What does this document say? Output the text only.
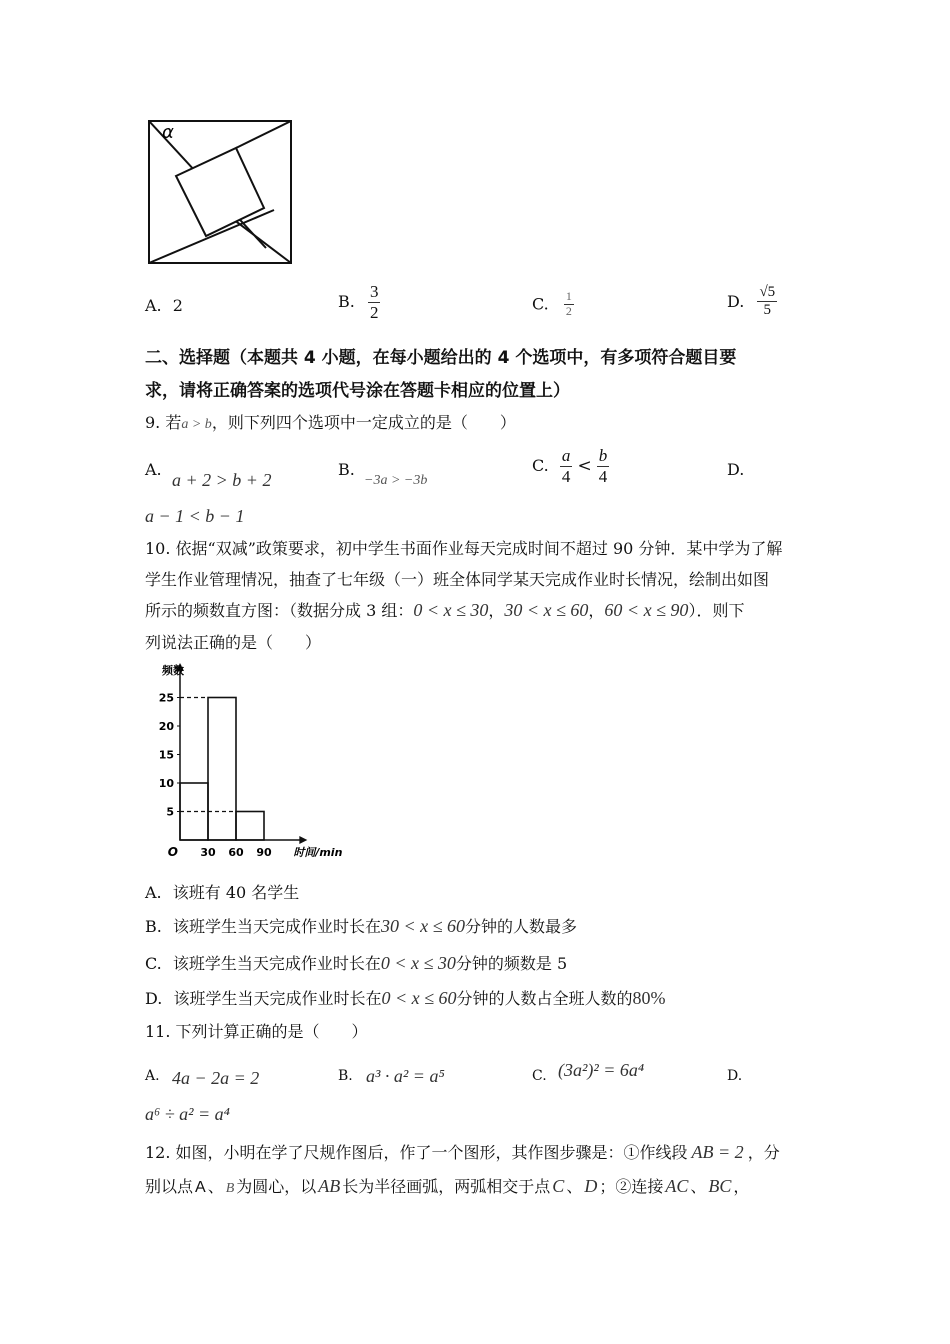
α
A. 2	B. $\frac{3}{2}$	C. $\frac{1}{2}$	D. $\frac{√5}{5}$
二、选择题（本题共 4 小题，在每小题给出的 4 个选项中，有多项符合题目要
求，请将正确答案的选项代号涂在答题卡相应的位置上）
9. 若a > b，则下列四个选项中一定成立的是（　　）
A.
a + 2 > b + 2
B.
−3a > −3b
C. $\frac{a}{4} < \frac{b}{4}$	D.
a − 1 < b − 1
10. 依据“双减”政策要求，初中学生书面作业每天完成时间不超过 90 分钟．某中学为了解
学生作业管理情况，抽查了七年级（一）班全体同学某天完成作业时长情况，绘制出如图
所示的频数直方图：（数据分成 3 组：0 < x ≤ 30，30 < x ≤ 60，60 < x ≤ 90）．则下
列说法正确的是（　　）
5
10
15
20
25
30 60 90
O
频数
时间/min
A. 该班有 40 名学生
B. 该班学生当天完成作业时长在30 < x ≤ 60分钟的人数最多
C. 该班学生当天完成作业时长在0 < x ≤ 30分钟的频数是 5
D. 该班学生当天完成作业时长在0 < x ≤ 60分钟的人数占全班人数的80%
11. 下列计算正确的是（　　）
A. 4a − 2a = 2	B. a³ · a² = a⁵	C. (3a²)² = 6a⁴	D.
a⁶ ÷ a² = a⁴
12. 如图，小明在学了尺规作图后，作了一个图形，其作图步骤是：①作线段 AB = 2 ，分
别以点 A 、 B 为圆心，以 AB 长为半径画弧，两弧相交于点 C 、 D ；②连接 AC 、 BC ，
